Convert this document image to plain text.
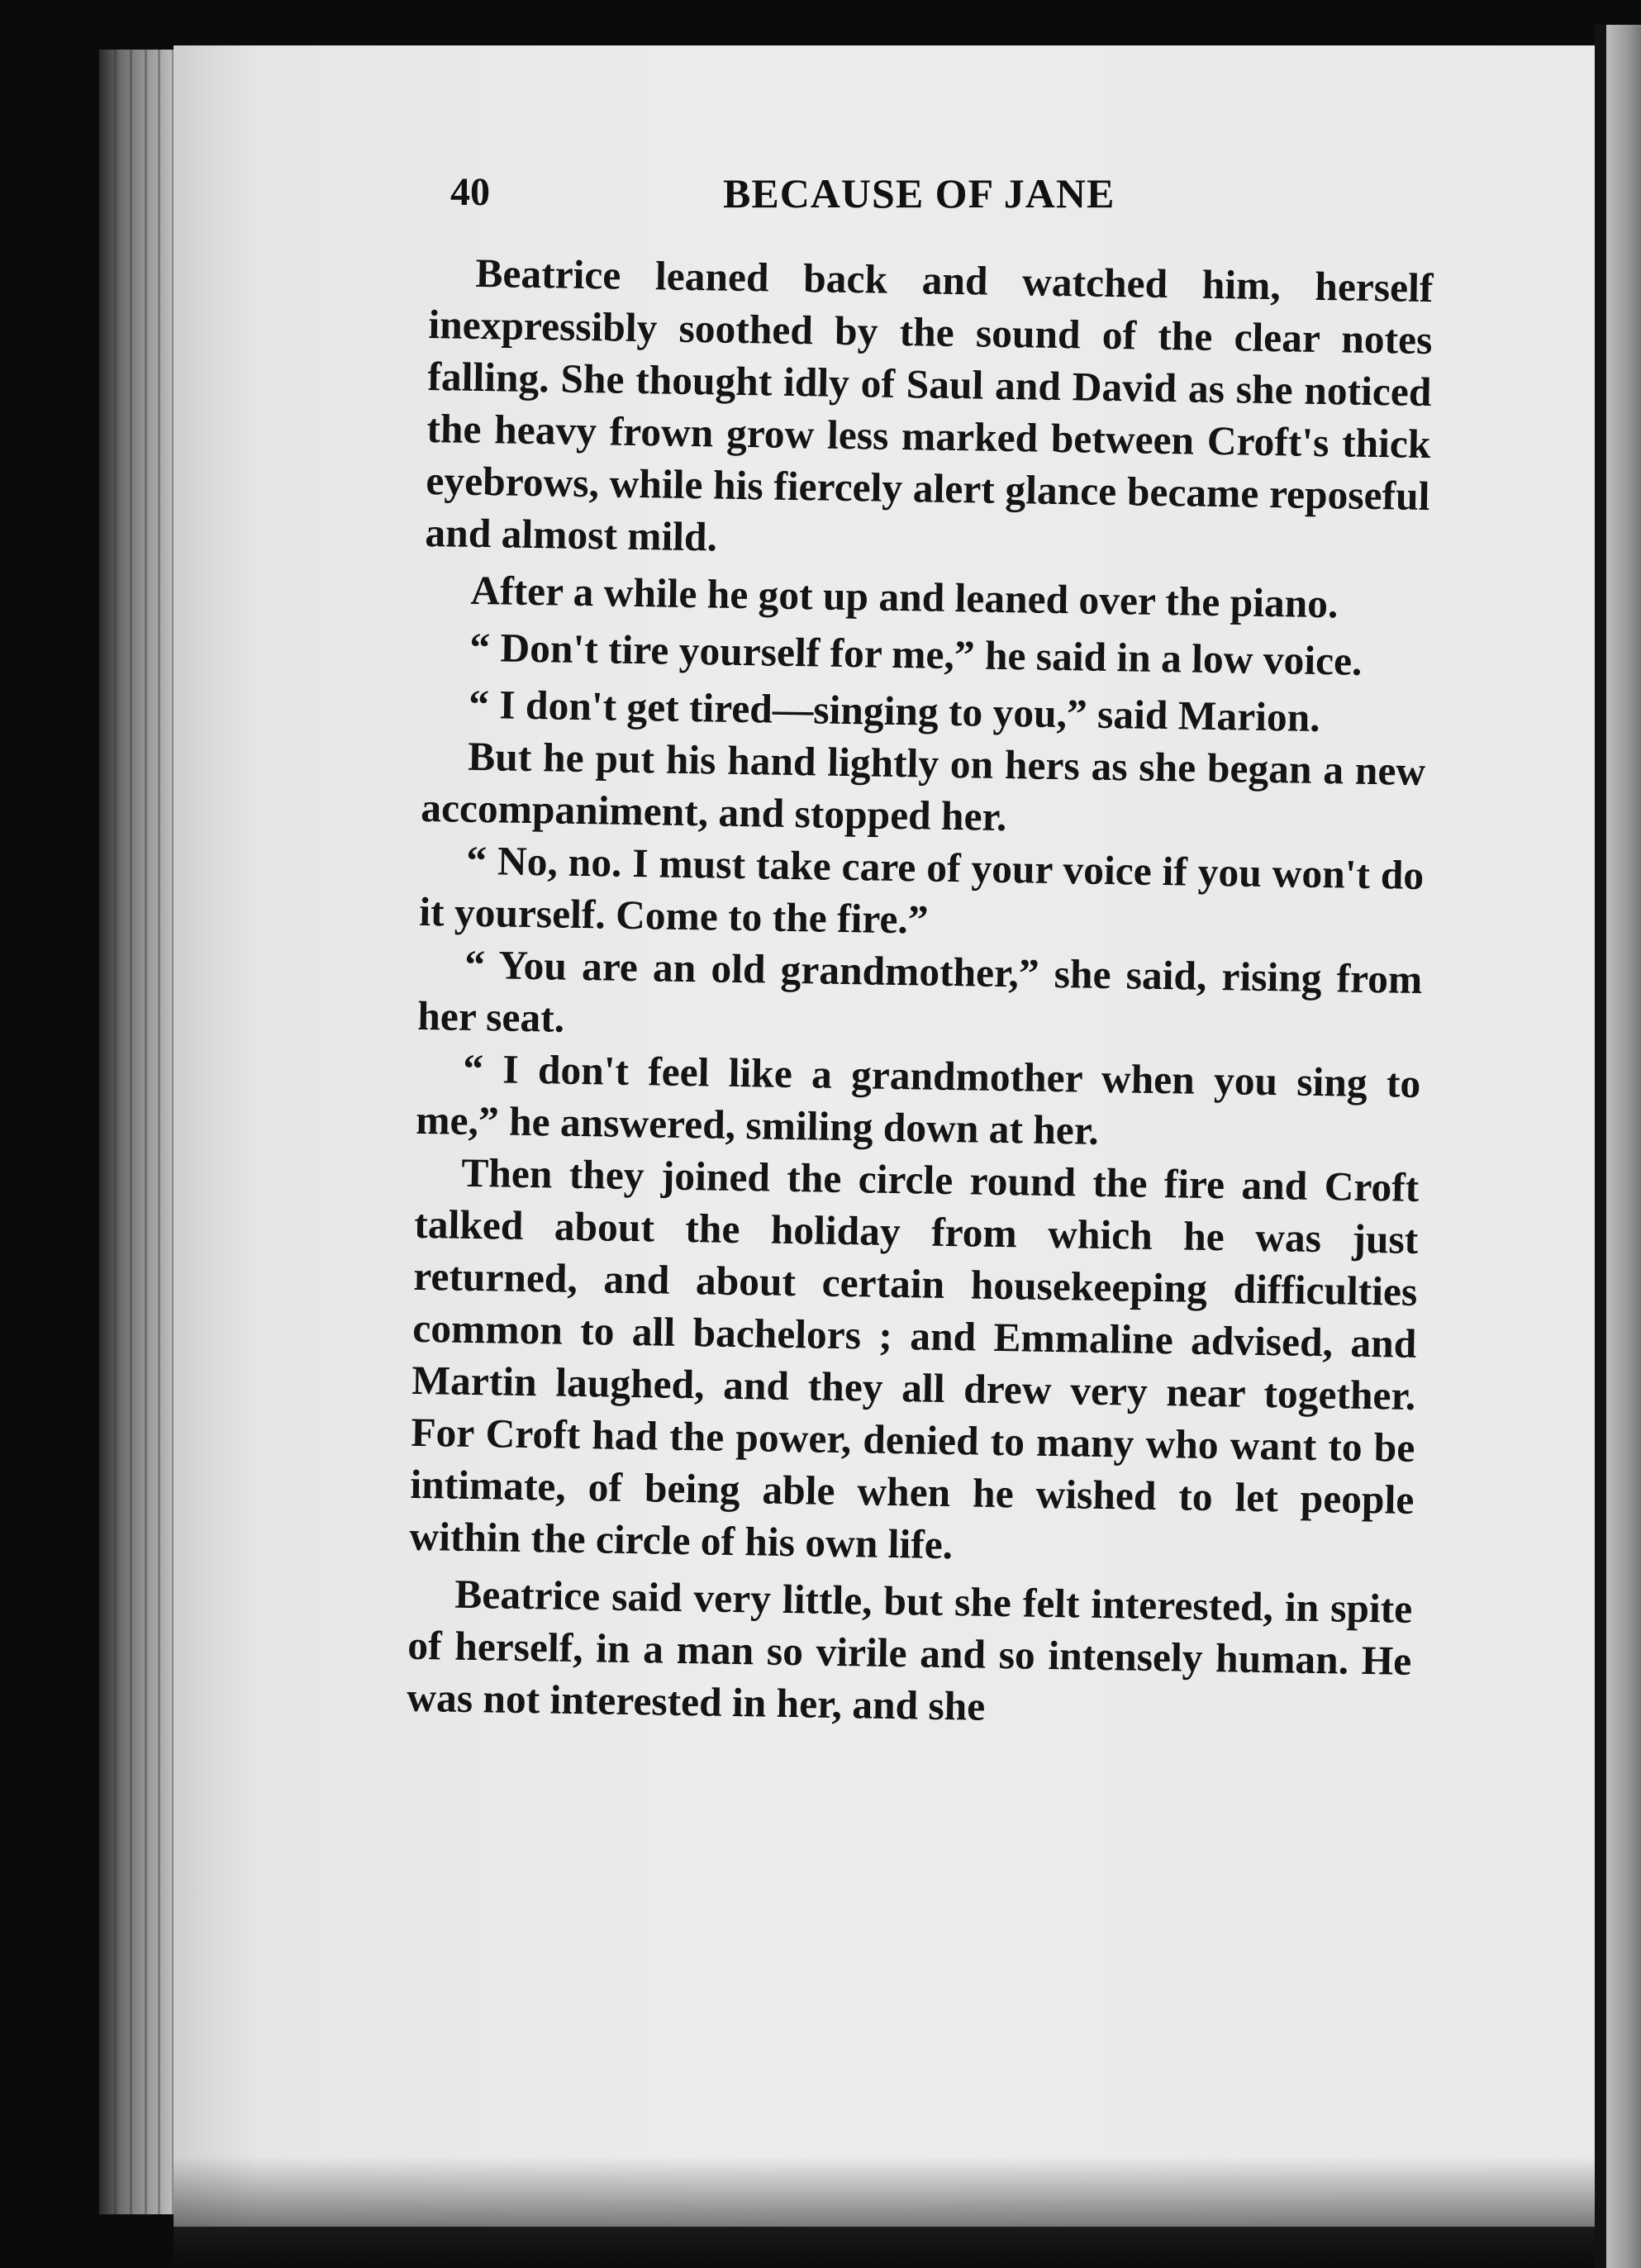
40	BECAUSE OF JANE

Beatrice leaned back and watched him, herself inexpressibly soothed by the sound of the clear notes falling. She thought idly of Saul and David as she noticed the heavy frown grow less marked between Croft's thick eyebrows, while his fiercely alert glance became reposeful and almost mild.

After a while he got up and leaned over the piano.

“ Don't tire yourself for me,” he said in a low voice.

“ I don't get tired—singing to you,” said Marion.

But he put his hand lightly on hers as she began a new accompaniment, and stopped her.

“ No, no. I must take care of your voice if you won't do it yourself. Come to the fire.”

“ You are an old grandmother,” she said, rising from her seat.

“ I don't feel like a grandmother when you sing to me,” he answered, smiling down at her.

Then they joined the circle round the fire and Croft talked about the holiday from which he was just returned, and about certain housekeeping difficulties common to all bachelors ; and Emmaline advised, and Martin laughed, and they all drew very near together. For Croft had the power, denied to many who want to be intimate, of being able when he wished to let people within the circle of his own life.

Beatrice said very little, but she felt interested, in spite of herself, in a man so virile and so intensely human. He was not interested in her, and she
